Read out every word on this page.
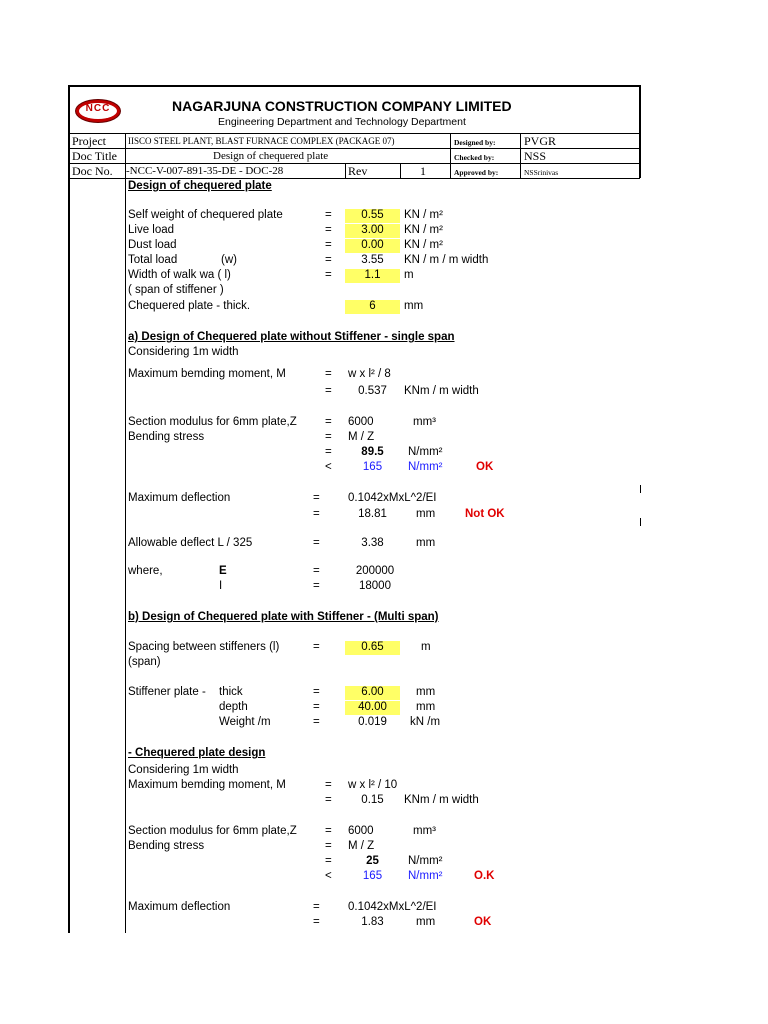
NCC	NAGARJUNA CONSTRUCTION COMPANY LIMITED
Engineering Department and Technology Department
Project IISCO STEEL PLANT, BLAST FURNACE COMPLEX (PACKAGE 07)	Designed by: PVGR
Doc Title	Design of chequered plate	Checked by: NSS
Doc No. -NCC-V-007-891-35-DE - DOC-28	Rev	1	Approved by:	NSSrinivas
Design of chequered plate
Self weight of chequered plate	=	0.55	KN / m²
Live load	=	3.00	KN / m²
Dust load	=	0.00	KN / m²
Total load	(w)	=	3.55	KN / m / m width
Width of walk wa ( l)	=	1.1	m
( span of stiffener )
Chequered plate - thick.	6	mm
a) Design of Chequered plate without Stiffener - single span
Considering 1m width
Maximum bemding moment, M	= w x l² / 8
=	0.537	KNm / m width
Section modulus for 6mm plate,Z = 6000	mm³
Bending stress	= M / Z
=	89.5	N/mm²
<	165	N/mm²	OK
Maximum deflection	= 0.1042xMxL^2/EI
=	18.81	mm	Not OK
Allowable deflect L / 325	=	3.38	mm
where,	E	=	200000
I	=	18000
b) Design of Chequered plate with Stiffener - (Multi span)
Spacing between stiffeners (l)	=	0.65	m
(span)
Stiffener plate - thick	=	6.00	mm
depth	=	40.00	mm
Weight /m	=	0.019	kN /m
- Chequered plate design
Considering 1m width
Maximum bemding moment, M	= w x l² / 10
=	0.15	KNm / m width
Section modulus for 6mm plate,Z = 6000	mm³
Bending stress	= M / Z
=	25	N/mm²
<	165	N/mm²	O.K
Maximum deflection	= 0.1042xMxL^2/EI
=	1.83	mm	OK
